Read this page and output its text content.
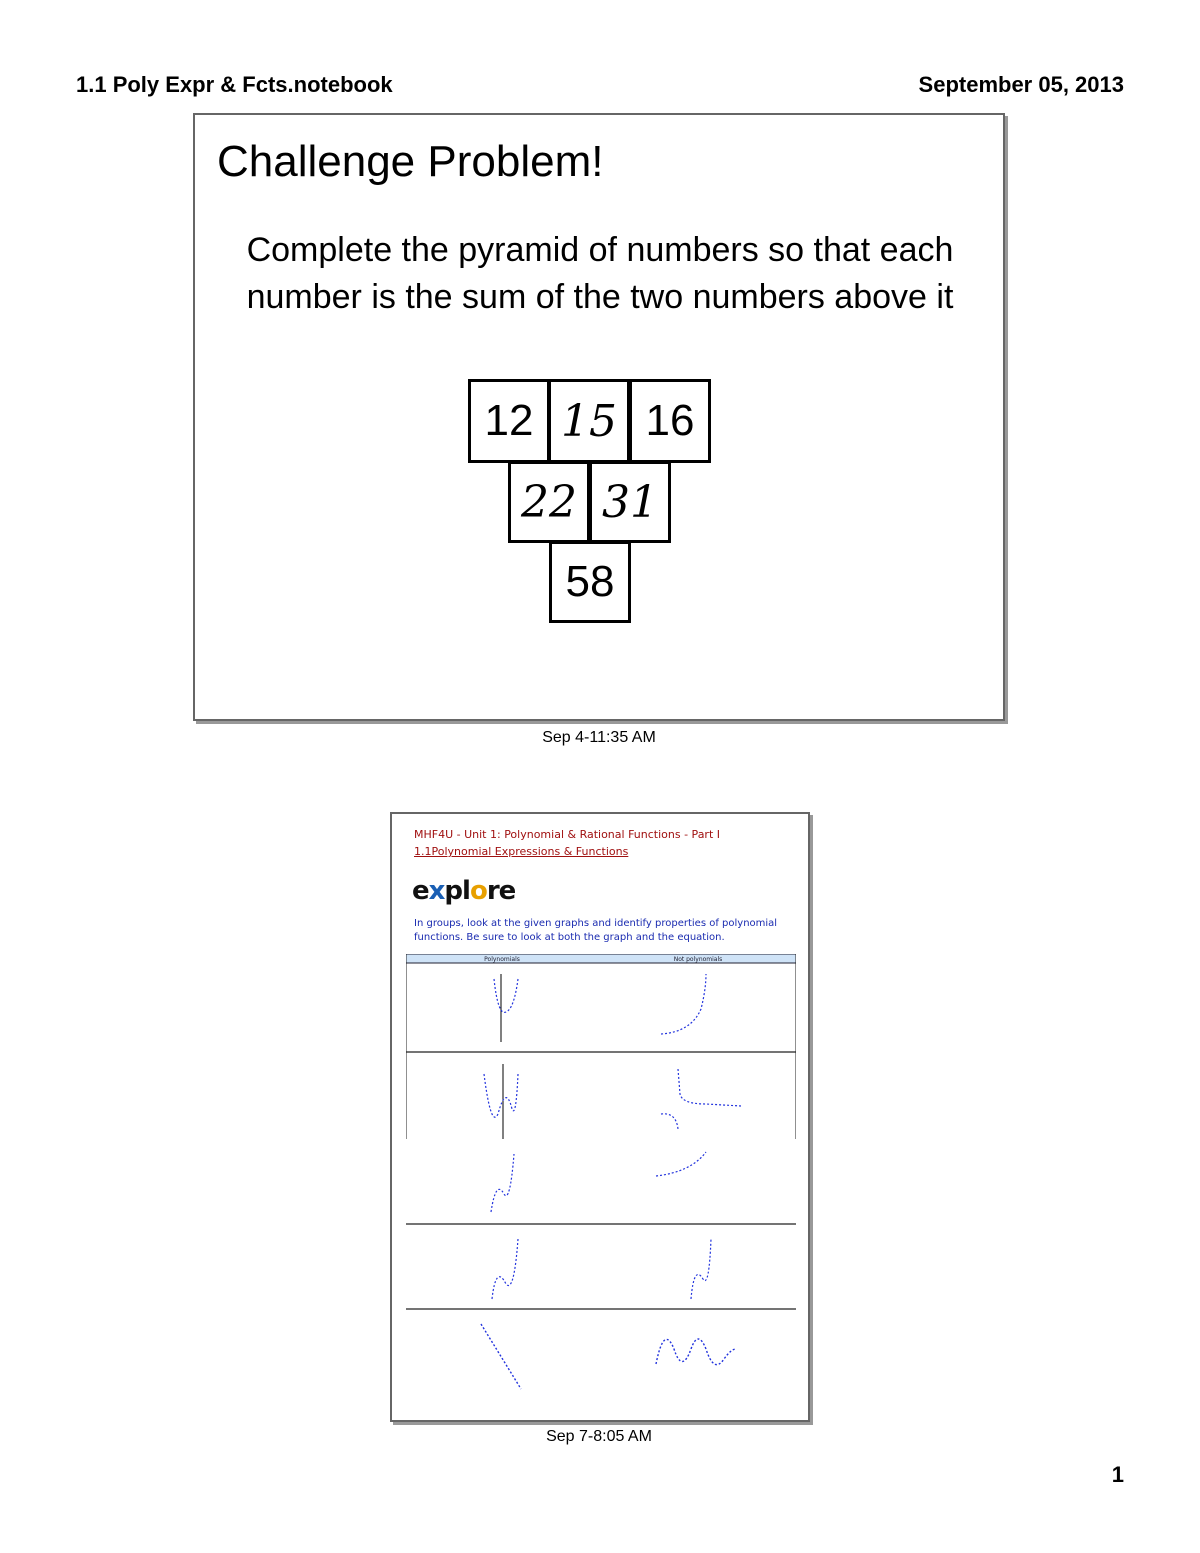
1.1 Poly Expr & Fcts.notebook	September 05, 2013
Challenge Problem!
Complete the pyramid of numbers so that each number is the sum of the two numbers above it
12 15 16
22 31
58
Sep 4-11:35 AM
MHF4U - Unit 1: Polynomial & Rational Functions - Part I
1.1Polynomial Expressions & Functions
explore
In groups, look at the given graphs and identify properties of polynomial functions. Be sure to look at both the graph and the equation.
Polynomials	Not polynomials
Sep 7-8:05 AM
1
